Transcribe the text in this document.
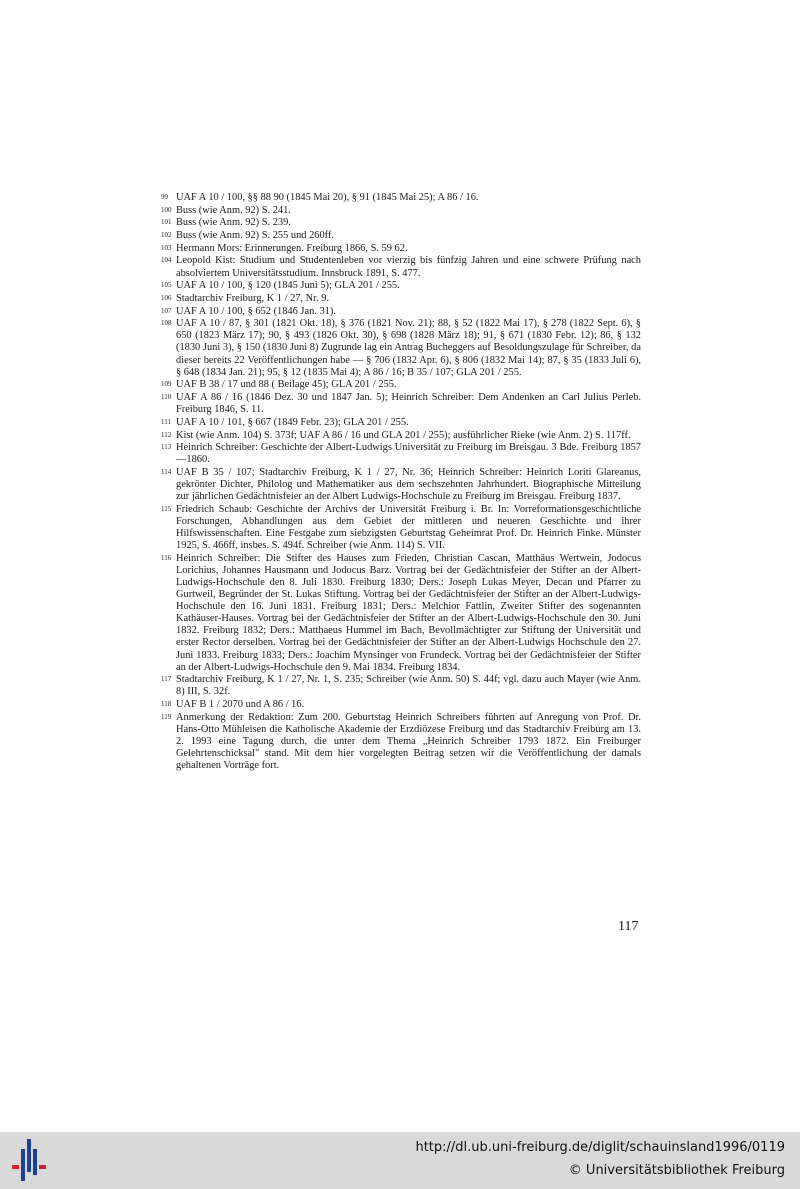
99 UAF A 10 / 100, §§ 88 90 (1845 Mai 20), § 91 (1845 Mai 25); A 86 / 16.
100 Buss (wie Anm. 92) S. 241.
101 Buss (wie Anm. 92) S. 239.
102 Buss (wie Anm. 92) S. 255 und 260ff.
103 Hermann Mors: Erinnerungen. Freiburg 1866, S. 59 62.
104 Leopold Kist: Studium und Studentenleben vor vierzig bis fünfzig Jahren und eine schwere Prüfung nach absolviertem Universitätsstudium. Innsbruck 1891, S. 477.
105 UAF A 10 / 100, § 120 (1845 Juni 5); GLA 201 / 255.
106 Stadtarchiv Freiburg, K 1 / 27, Nr. 9.
107 UAF A 10 / 100, § 652 (1846 Jan. 31).
108 UAF A 10 / 87, § 301 (1821 Okt. 18), § 376 (1821 Nov. 21); 88, § 52 (1822 Mai 17), § 278 (1822 Sept. 6), § 650 (1823 März 17); 90, § 493 (1826 Okt. 30), § 698 (1828 März 18); 91, § 671 (1830 Febr. 12); 86, § 132 (1830 Juni 3), § 150 (1830 Juni 8) Zugrunde lag ein Antrag Bucheggers auf Besoldungszulage für Schreiber, da dieser bereits 22 Veröffentlichungen habe — § 706 (1832 Apr. 6), § 806 (1832 Mai 14); 87, § 35 (1833 Juli 6), § 648 (1834 Jan. 21); 95, § 12 (1835 Mai 4); A 86 / 16; B 35 / 107; GLA 201 / 255.
109 UAF B 38 / 17 und 88 ( Beilage 45); GLA 201 / 255.
110 UAF A 86 / 16 (1846 Dez. 30 und 1847 Jan. 5); Heinrich Schreiber: Dem Andenken an Carl Julius Perleb. Freiburg 1846, S. 11.
111 UAF A 10 / 101, § 667 (1849 Febr. 23); GLA 201 / 255.
112 Kist (wie Anm. 104) S. 373f; UAF A 86 / 16 und GLA 201 / 255); ausführlicher Rieke (wie Anm. 2) S. 117ff.
113 Heinrich Schreiber: Geschichte der Albert-Ludwigs Universität zu Freiburg im Breisgau. 3 Bde. Freiburg 1857—1860.
114 UAF B 35 / 107; Stadtarchiv Freiburg, K 1 / 27, Nr. 36; Heinrich Schreiber: Heinrich Loriti Glareanus, gekrönter Dichter, Philolog und Mathematiker aus dem sechszehnten Jahrhundert. Biographische Mitteilung zur jährlichen Gedächtnisfeier an der Albert Ludwigs-Hochschule zu Freiburg im Breisgau. Freiburg 1837.
115 Friedrich Schaub: Geschichte der Archivs der Universität Freiburg i. Br. In: Vorreformationsgeschichtliche Forschungen, Abhandlungen aus dem Gebiet der mittleren und neueren Geschichte und ihrer Hilfswissenschaften. Eine Festgabe zum siebzigsten Geburtstag Geheimrat Prof. Dr. Heinrich Finke. Münster 1925, S. 466ff, insbes. S. 494f. Schreiber (wie Anm. 114) S. VII.
116 Heinrich Schreiber: Die Stifter des Hauses zum Frieden, Christian Cascan, Matthäus Wertwein, Jodocus Lorichius, Johannes Hausmann und Jodocus Barz. Vortrag bei der Gedächtnisfeier der Stifter an der Albert-Ludwigs-Hochschule den 8. Juli 1830. Freiburg 1830; Ders.: Joseph Lukas Meyer, Decan und Pfarrer zu Gurtweil, Begründer der St. Lukas Stiftung. Vortrag bei der Gedächtnisfeier der Stifter an der Albert-Ludwigs-Hochschule den 16. Juni 1831. Freiburg 1831; Ders.: Melchior Fattlin, Zweiter Stifter des sogenannten Kathäuser-Hauses. Vortrag bei der Gedächtnisfeier der Stifter an der Albert-Ludwigs-Hochschule den 30. Juni 1832. Freiburg 1832; Ders.: Matthaeus Hummel im Bach, Bevollmächtigter zur Stiftung der Universität und erster Rector derselben. Vortrag bei der Gedächtnisfeier der Stifter an der Albert-Ludwigs Hochschule den 27. Juni 1833. Freiburg 1833; Ders.: Joachim Mynsinger von Frundeck. Vortrag bei der Gedächtnisfeier der Stifter an der Albert-Ludwigs-Hochschule den 9. Mai 1834. Freiburg 1834.
117 Stadtarchiv Freiburg, K 1 / 27, Nr. 1, S. 235; Schreiber (wie Anm. 50) S. 44f; vgl. dazu auch Mayer (wie Anm. 8) III, S. 32f.
118 UAF B 1 / 2070 und A 86 / 16.
119 Anmerkung der Redaktion: Zum 200. Geburtstag Heinrich Schreibers führten auf Anregung von Prof. Dr. Hans-Otto Mühleisen die Katholische Akademie der Erzdiözese Freiburg und das Stadtarchiv Freiburg am 13. 2. 1993 eine Tagung durch, die unter dem Thema „Heinrich Schreiber 1793 1872. Ein Freiburger Gelehrtenschicksal" stand. Mit dem hier vorgelegten Beitrag setzen wir die Veröffentlichung der damals gehaltenen Vorträge fort.
117
http://dl.ub.uni-freiburg.de/diglit/schauinsland1996/0119
© Universitätsbibliothek Freiburg
